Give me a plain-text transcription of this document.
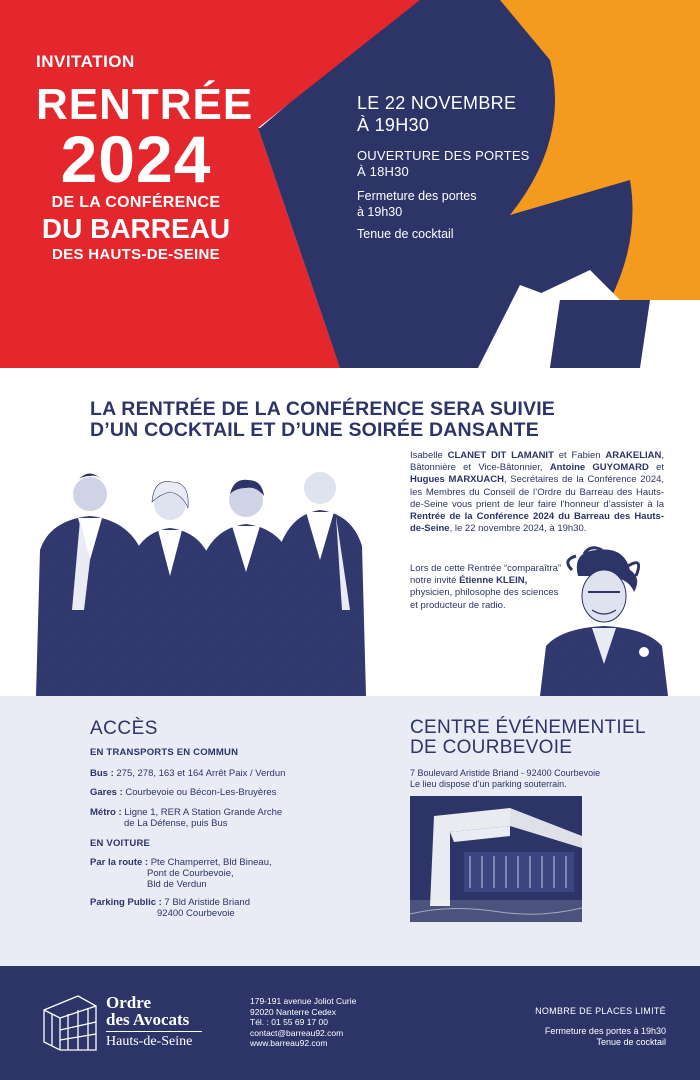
INVITATION
RENTRÉE
2024
DE LA CONFÉRENCE
DU BARREAU
DES HAUTS-DE-SEINE
LE 22 NOVEMBRE
À 19H30
OUVERTURE DES PORTES
À 18H30
Fermeture des portes
à 19h30
Tenue de cocktail
LA RENTRÉE DE LA CONFÉRENCE SERA SUIVIE
D’UN COCKTAIL ET D’UNE SOIRÉE DANSANTE
Isabelle CLANET DIT LAMANIT et Fabien ARAKELIAN, Bâtonnière et Vice-Bâtonnier, Antoine GUYOMARD et Hugues MARXUACH, Secrétaires de la Conférence 2024, les Membres du Conseil de l’Ordre du Barreau des Hauts-de-Seine vous prient de leur faire l’honneur d’assister à la Rentrée de la Conférence 2024 du Barreau des Hauts-de-Seine, le 22 novembre 2024, à 19h30.
Lors de cette Rentrée “comparaîtra”
notre invité Étienne KLEIN,
physicien, philosophe des sciences
et producteur de radio.
ACCÈS
EN TRANSPORTS EN COMMUN
Bus : 275, 278, 163 et 164 Arrêt Paix / Verdun
Gares : Courbevoie ou Bécon-Les-Bruyères
Métro : Ligne 1, RER A Station Grande Arche
de La Défense, puis Bus
EN VOITURE
Par la route : Pte Champerret, Bld Bineau,
Pont de Courbevoie,
Bld de Verdun
Parking Public : 7 Bld Aristide Briand
92400 Courbevoie
CENTRE ÉVÉNEMENTIEL
DE COURBEVOIE
7 Boulevard Aristide Briand - 92400 Courbevoie
Le lieu dispose d’un parking souterrain.
Ordre
des Avocats
Hauts-de-Seine
179-191 avenue Joliot Curie
92020 Nanterre Cedex
Tél. : 01 55 69 17 00
contact@barreau92.com
www.barreau92.com
NOMBRE DE PLACES LIMITÉ
Fermeture des portes à 19h30
Tenue de cocktail
